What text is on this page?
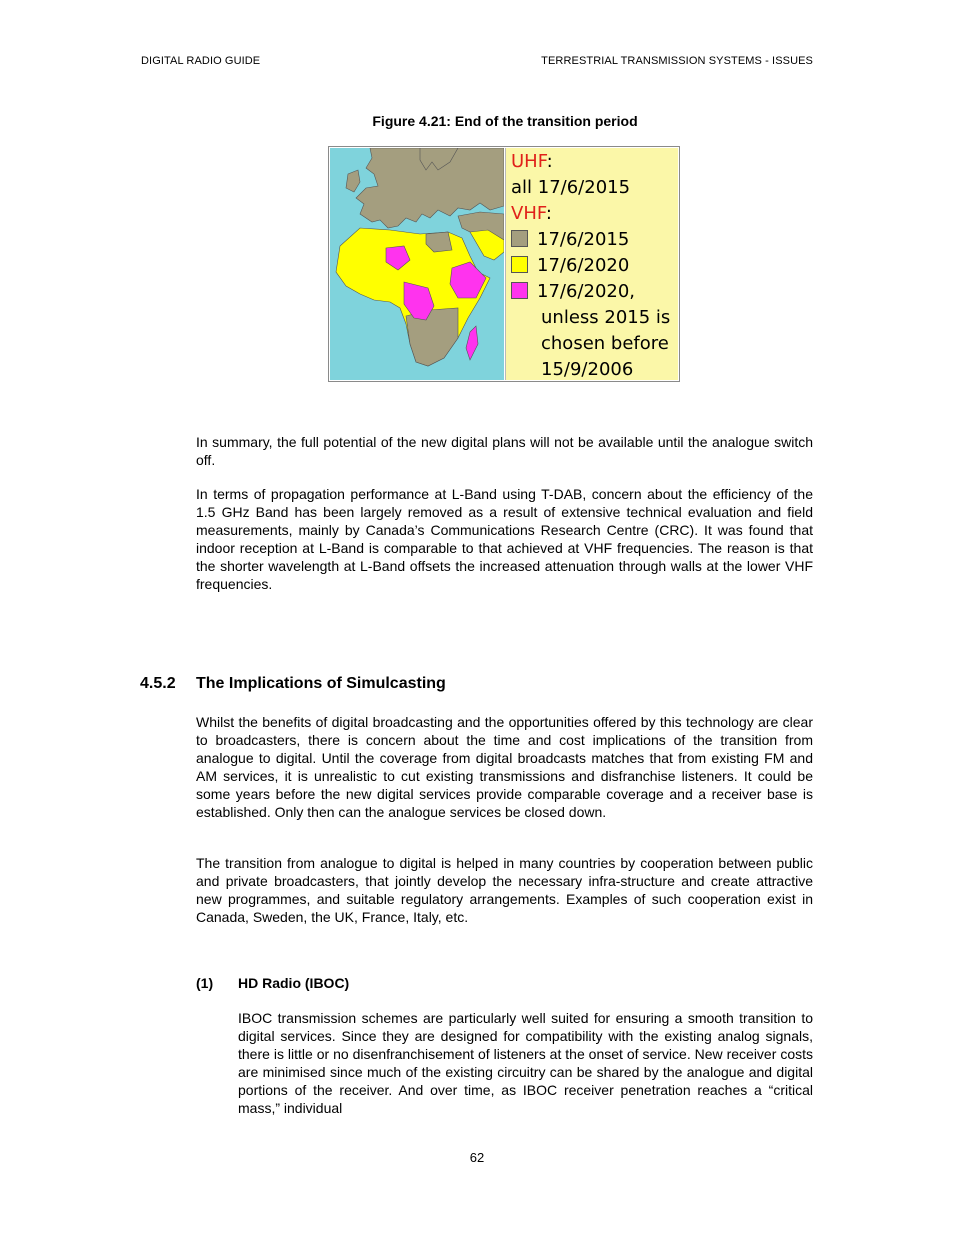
DIGITAL RADIO GUIDE	TERRESTRIAL TRANSMISSION SYSTEMS - ISSUES
Figure 4.21: End of the transition period
UHF:
all 17/6/2015
VHF:
17/6/2015
17/6/2020
17/6/2020,
unless 2015 is
chosen before
15/9/2006

In summary, the full potential of the new digital plans will not be available until the analogue switch off.

In terms of propagation performance at L-Band using T-DAB, concern about the efficiency of the 1.5 GHz Band has been largely removed as a result of extensive technical evaluation and field measurements, mainly by Canada’s Communications Research Centre (CRC). It was found that indoor reception at L-Band is comparable to that achieved at VHF frequencies. The reason is that the shorter wavelength at L-Band offsets the increased attenuation through walls at the lower VHF frequencies.

4.5.2 The Implications of Simulcasting

Whilst the benefits of digital broadcasting and the opportunities offered by this technology are clear to broadcasters, there is concern about the time and cost implications of the transition from analogue to digital. Until the coverage from digital broadcasts matches that from existing FM and AM services, it is unrealistic to cut existing transmissions and disfranchise listeners. It could be some years before the new digital services provide comparable coverage and a receiver base is established. Only then can the analogue services be closed down.

The transition from analogue to digital is helped in many countries by cooperation between public and private broadcasters, that jointly develop the necessary infra-structure and create attractive new programmes, and suitable regulatory arrangements. Examples of such cooperation exist in Canada, Sweden, the UK, France, Italy, etc.

(1) HD Radio (IBOC)

IBOC transmission schemes are particularly well suited for ensuring a smooth transition to digital services. Since they are designed for compatibility with the existing analog signals, there is little or no disenfranchisement of listeners at the onset of service. New receiver costs are minimised since much of the existing circuitry can be shared by the analogue and digital portions of the receiver. And over time, as IBOC receiver penetration reaches a “critical mass,” individual

62
